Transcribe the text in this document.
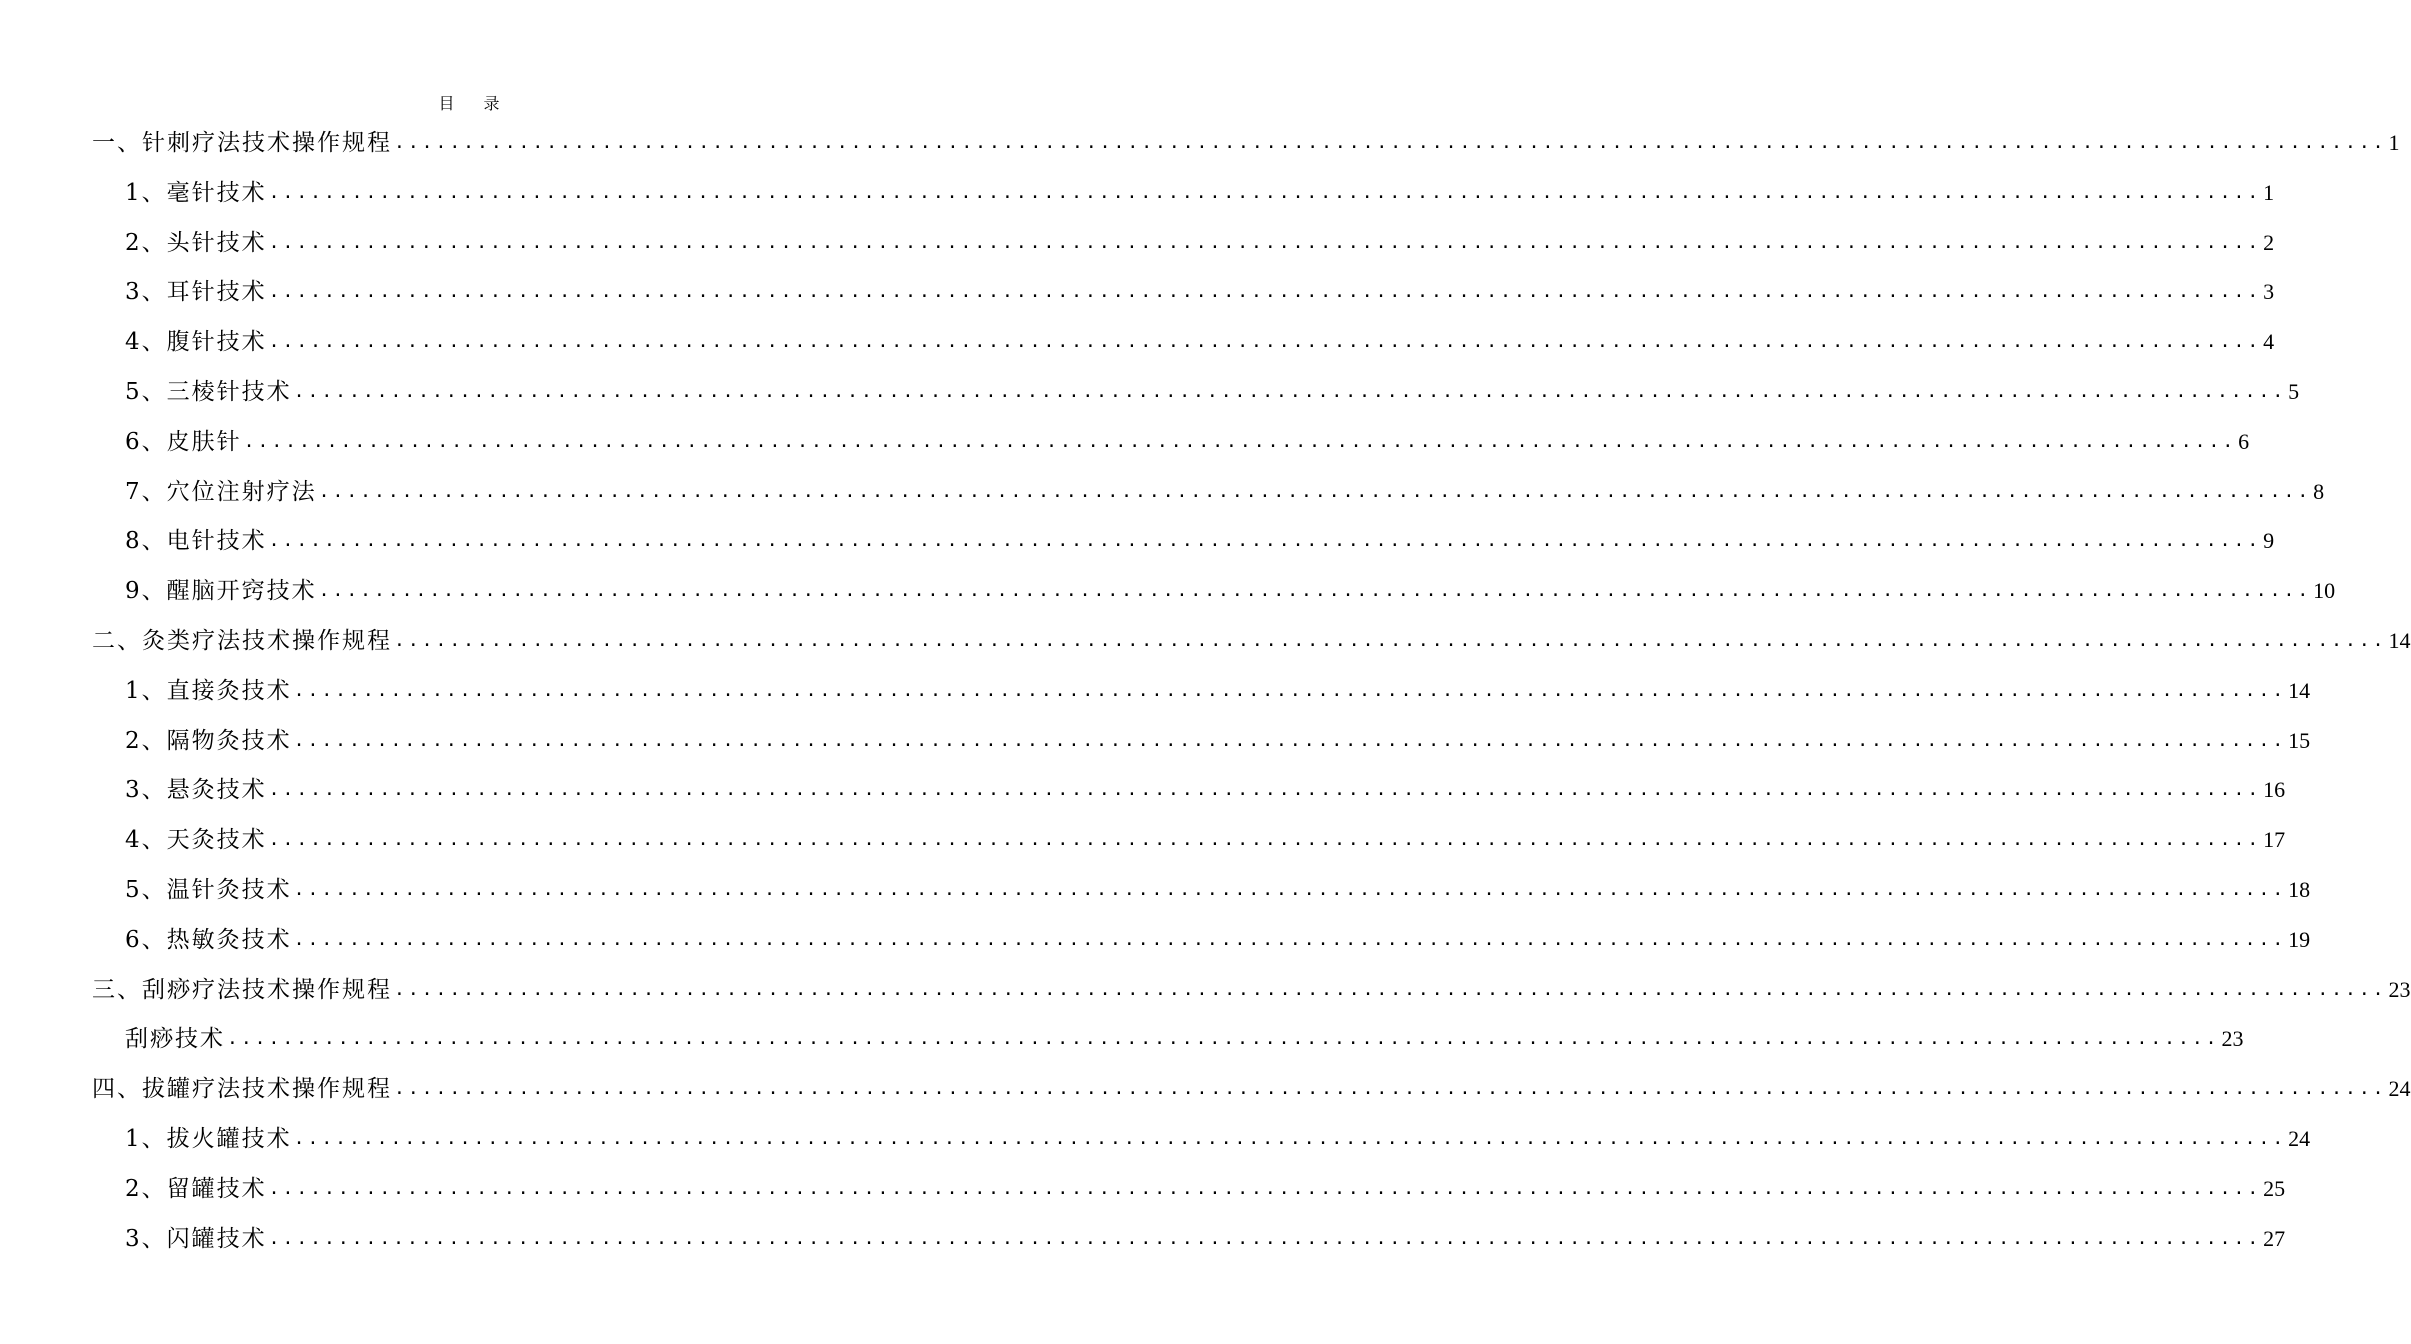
目 录
一、针刺疗法技术操作规程 ................................................................................................................................................ 1
1、毫针技术 ................................................................................................................................................ 1
2、头针技术 ................................................................................................................................................ 2
3、耳针技术 ................................................................................................................................................ 3
4、腹针技术 ................................................................................................................................................ 4
5、三棱针技术 ................................................................................................................................................ 5
6、皮肤针 ................................................................................................................................................ 6
7、穴位注射疗法 ................................................................................................................................................ 8
8、电针技术 ................................................................................................................................................ 9
9、醒脑开窍技术 ................................................................................................................................................ 10
二、灸类疗法技术操作规程 ................................................................................................................................................ 14
1、直接灸技术 ................................................................................................................................................ 14
2、隔物灸技术 ................................................................................................................................................ 15
3、悬灸技术 ................................................................................................................................................ 16
4、天灸技术 ................................................................................................................................................ 17
5、温针灸技术 ................................................................................................................................................ 18
6、热敏灸技术 ................................................................................................................................................ 19
三、刮痧疗法技术操作规程 ................................................................................................................................................ 23
刮痧技术 ................................................................................................................................................ 23
四、拔罐疗法技术操作规程 ................................................................................................................................................ 24
1、拔火罐技术 ................................................................................................................................................ 24
2、留罐技术 ................................................................................................................................................ 25
3、闪罐技术 ................................................................................................................................................ 27
